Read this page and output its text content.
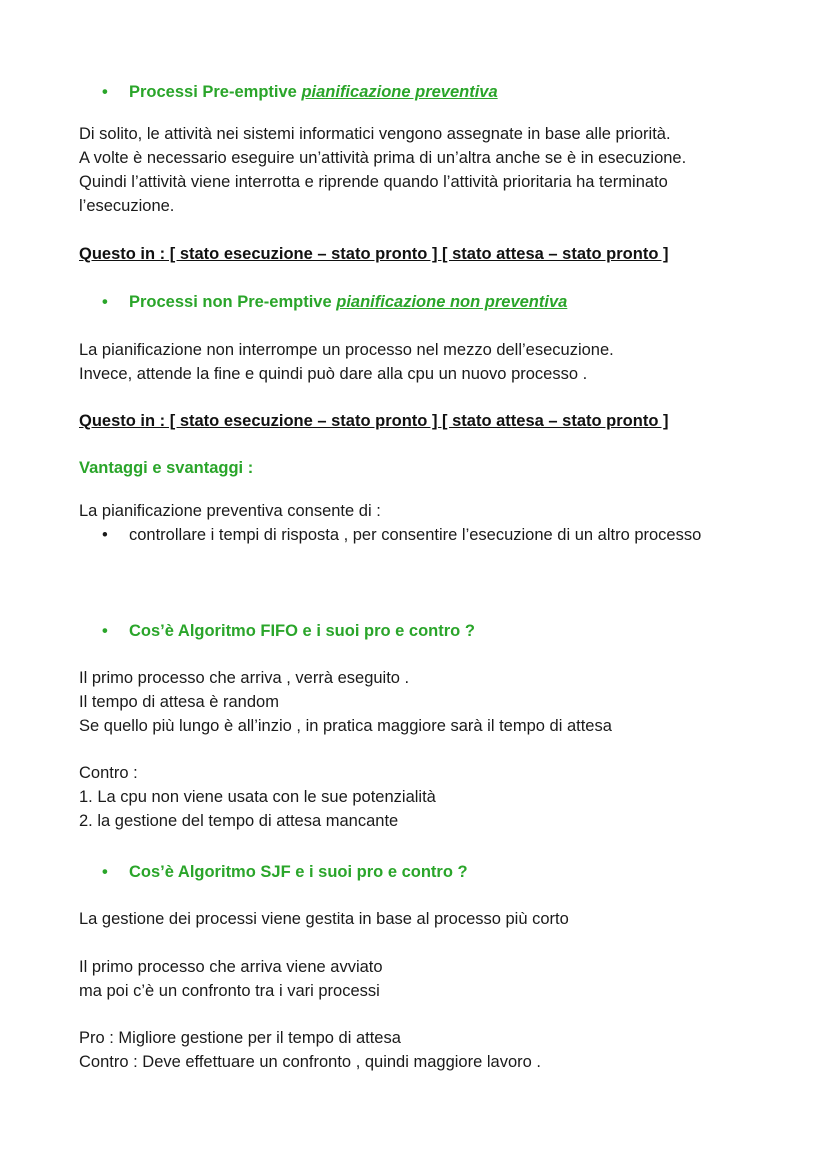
• Processi Pre-emptive pianificazione preventiva
Di solito, le attività nei sistemi informatici vengono assegnate in base alle priorità.
A volte è necessario eseguire un’attività prima di un’altra anche se è in esecuzione.
Quindi l’attività viene interrotta e riprende quando l’attività prioritaria ha terminato
l’esecuzione.
Questo in : [ stato esecuzione – stato pronto ] [ stato attesa – stato pronto ]
• Processi non Pre-emptive pianificazione non preventiva
La pianificazione non interrompe un processo nel mezzo dell’esecuzione.
Invece, attende la fine e quindi può dare alla cpu un nuovo processo .
Questo in : [ stato esecuzione – stato pronto ] [ stato attesa – stato pronto ]
Vantaggi e svantaggi :
La pianificazione preventiva consente di :
• controllare i tempi di risposta , per consentire l’esecuzione di un altro processo
• Cos’è Algoritmo FIFO e i suoi pro e contro ?
Il primo processo che arriva , verrà eseguito .
Il tempo di attesa è random
Se quello più lungo è all’inzio , in pratica maggiore sarà il tempo di attesa
Contro :
1. La cpu non viene usata con le sue potenzialità
2. la gestione del tempo di attesa mancante
• Cos’è Algoritmo SJF e i suoi pro e contro ?
La gestione dei processi viene gestita in base al processo più corto
Il primo processo che arriva viene avviato
ma poi c’è un confronto tra i vari processi
Pro : Migliore gestione per il tempo di attesa
Contro : Deve effettuare un confronto , quindi maggiore lavoro .
